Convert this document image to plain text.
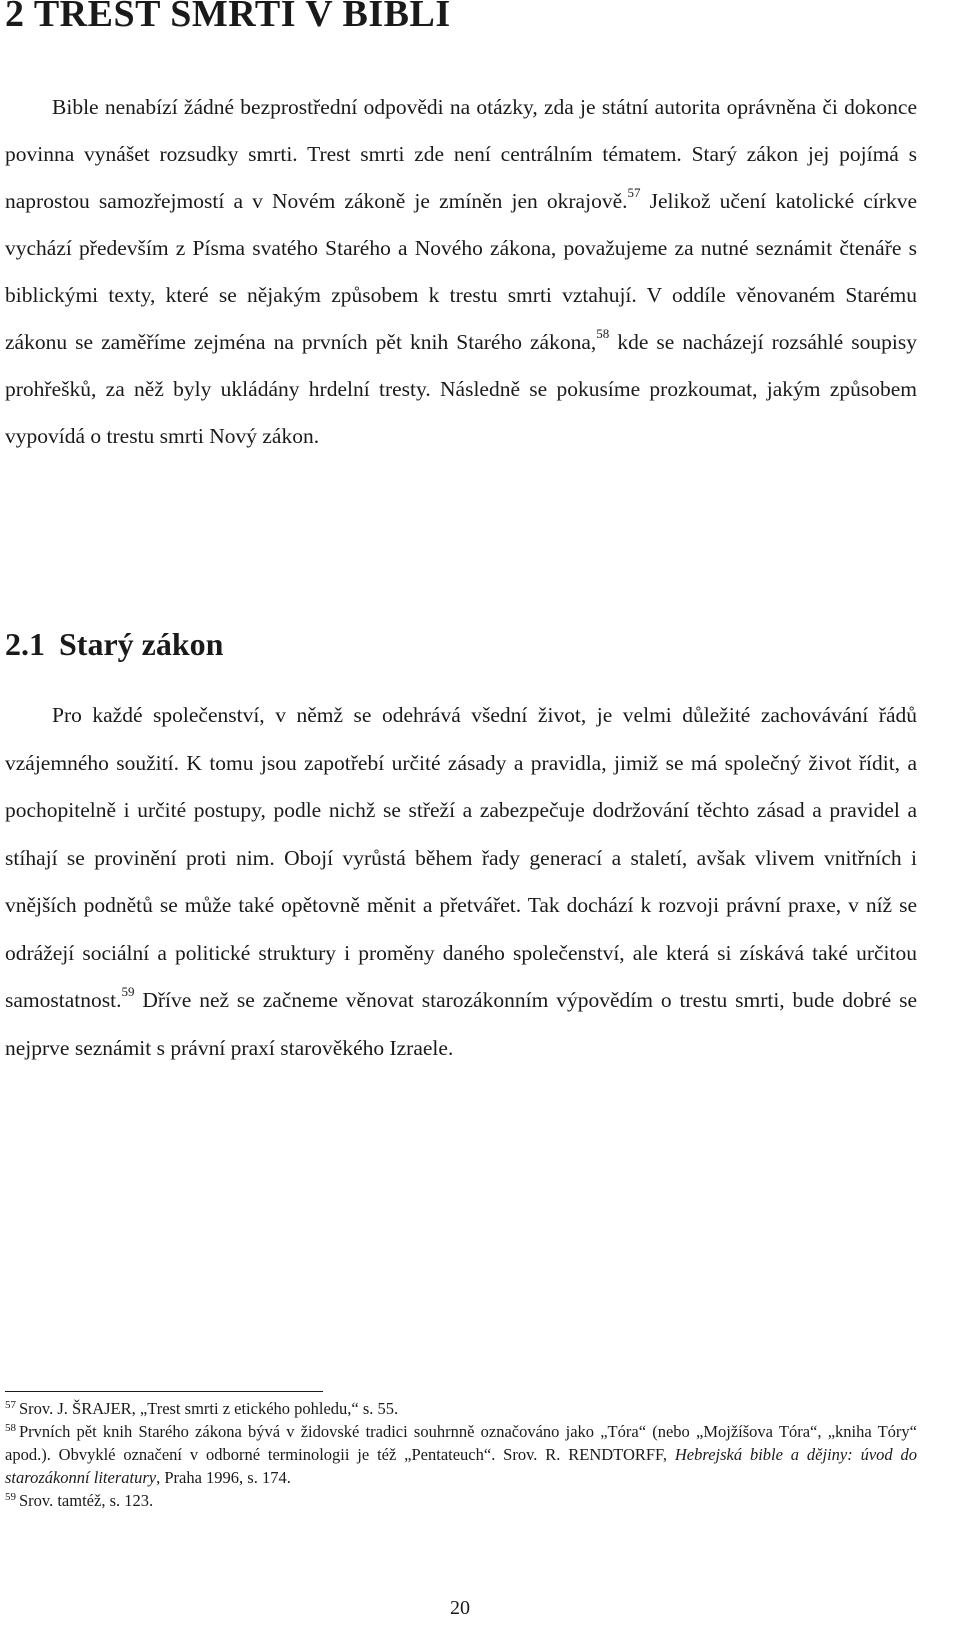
2 TREST SMRTI V BIBLI

Bible nenabízí žádné bezprostřední odpovědi na otázky, zda je státní autorita oprávněna či dokonce povinna vynášet rozsudky smrti. Trest smrti zde není centrálním tématem. Starý zákon jej pojímá s naprostou samozřejmostí a v Novém zákoně je zmíněn jen okrajově.$^{57}$ Jelikož učení katolické církve vychází především z Písma svatého Starého a Nového zákona, považujeme za nutné seznámit čtenáře s biblickými texty, které se nějakým způsobem k trestu smrti vztahují. V oddíle věnovaném Starému zákonu se zaměříme zejména na prvních pět knih Starého zákona,$^{58}$ kde se nacházejí rozsáhlé soupisy prohřešků, za něž byly ukládány hrdelní tresty. Následně se pokusíme prozkoumat, jakým způsobem vypovídá o trestu smrti Nový zákon.

2.1 Starý zákon

Pro každé společenství, v němž se odehrává všední život, je velmi důležité zachovávání řádů vzájemného soužití. K tomu jsou zapotřebí určité zásady a pravidla, jimiž se má společný život řídit, a pochopitelně i určité postupy, podle nichž se střeží a zabezpečuje dodržování těchto zásad a pravidel a stíhají se provinění proti nim. Obojí vyrůstá během řady generací a staletí, avšak vlivem vnitřních i vnějších podnětů se může také opětovně měnit a přetvářet. Tak dochází k rozvoji právní praxe, v níž se odrážejí sociální a politické struktury i proměny daného společenství, ale která si získává také určitou samostatnost.$^{59}$ Dříve než se začneme věnovat starozákonním výpovědím o trestu smrti, bude dobré se nejprve seznámit s právní praxí starověkého Izraele.

$^{57}$ Srov. J. ŠRAJER, „Trest smrti z etického pohledu,“ s. 55.

$^{58}$ Prvních pět knih Starého zákona bývá v židovské tradici souhrnně označováno jako „Tóra“ (nebo „Mojžíšova Tóra“, „kniha Tóry“ apod.). Obvyklé označení v odborné terminologii je též „Pentateuch“. Srov. R. RENDTORFF, Hebrejská bible a dějiny: úvod do starozákonní literatury, Praha 1996, s. 174.

$^{59}$ Srov. tamtéž, s. 123.

20
